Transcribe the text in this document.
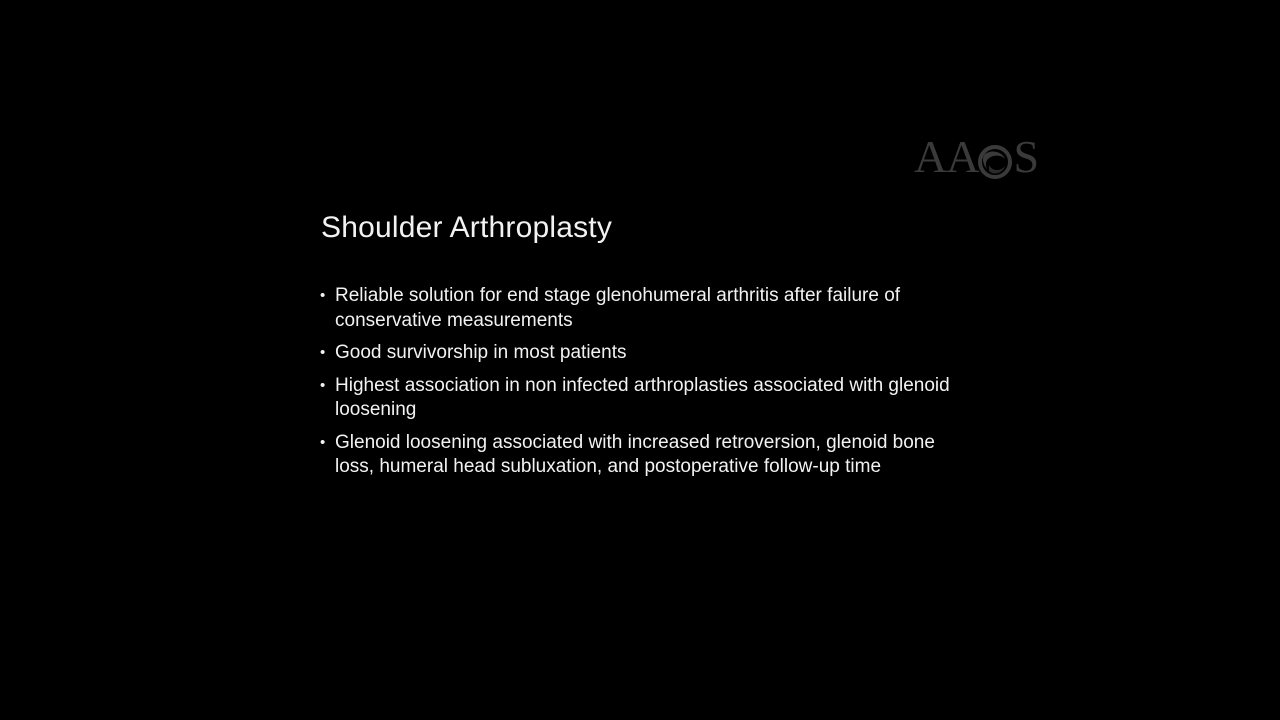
AA S
Shoulder Arthroplasty
• Reliable solution for end stage glenohumeral arthritis after failure of conservative measurements
• Good survivorship in most patients
• Highest association in non infected arthroplasties associated with glenoid loosening
• Glenoid loosening associated with increased retroversion, glenoid bone loss, humeral head subluxation, and postoperative follow-up time
